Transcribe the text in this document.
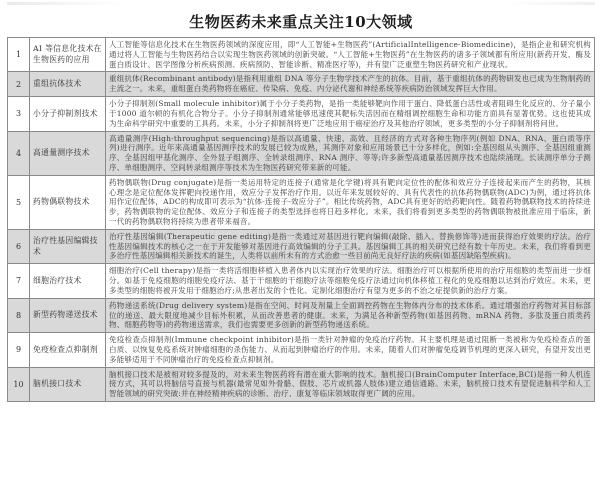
生物医药未来重点关注10大领域
1	AI 等信息化技术在生物医药的应用	人工智能等信息化技术在生物医药领域的深度应用，即“人工智能+生物医药”(ArtificialIntelligence-Biomedicine)，是指企业和研究机构通过将人工智能与生物医药结合以实现生物医药领域的创新突破。“人工智能+生物医药”在生物医药的诸多子领域都有所应用(新药开发、酶及蛋白质设计、医学图像分析疾病预测、疾病预防、智能诊断、精准医疗等)，并有望广泛重塑生物医药研究和产业现状。
2	重组抗体技术	重组抗体(Recombinant antibody)是指利用重组 DNA 等分子生物学技术产生的抗体。目前，基于重组抗体的药物研发也已成为生物制药的主流之一。未来，重组蛋白类药物将在癌症、传染病、免疫、内分泌代谢和神经系统等疾病防治领域发挥巨大作用。
3	小分子抑制剂技术	小分子抑制剂(Small molecule inhibitor)属于小分子类药物，是指一类能够靶向作用于蛋白、降低蛋白活性或者阻碍生化反应的、分子量小于1000 道尔顿的有机化合物分子。小分子抑制剂通常能够迅速使其靶标失活因而在精细调控细胞生命和功能方面具有显著优势。这也使其成为生命科学研究中重要的工具药。未来，小分子抑制剂将更广泛地应用于癌症治疗及其他治疗领域，更多类型的小分子抑制剂将问世。
4	高通量测序技术	高通量测序(High-throughput sequencing)是指以高通量、快速、高效、且经济的方式对各种生物序列(例如 DNA、RNA、蛋白质等序列)进行测序。近年来高通量基因测序技术的发展已较为成熟，其测序对象和应用场景已十分多样化，例如:全基因组从头测序、全基因组重测序、全基因组甲基化测序、全外显子组测序、全转录组测序、RNA 测序、等等;许多新型高通量基因测序技术也陆续涌现。长读测序单分子测序、单细胞测序、空间转录组测序等技术为生物医药研究带来新的可能。
5	药物偶联物技术	药物偶联物(Drug conjugate)是指一类运用特定的连接子(通常是化学键)将具有靶向定位性的配体和效应分子连接起来而产生的药物，其核心理念是定位配体发挥靶向投递作用，效应分子发挥治疗作用。以近年来发展较好的、具有代表性的抗体药物偶联物(ADC)为例，通过将抗体用作定位配体，ADC的构成即可表示为“抗体-连接子-效应分子”。相比传统药物，ADC具有更好的给药靶向性。随着药物偶联物技术的持续进步，药物偶联物的定位配体、效应分子和连接子的类型选择也将日趋多样化。未来，我们将看到更多类型的药物偶联物被批准应用于临床，新一代的药物偶联物将持续为患者带来福音。
6	治疗性基因编辑技术	治疗性基因编辑(Therapeutic gene editing)是指一类通过对基因进行靶向编辑(敲除、插入、替换修饰等)进而获得治疗效果的疗法。治疗性基因编辑技术的核心之一在于开发能够对基因进行高效编辑的分子工具。基因编辑工具的相关研究已经有数十年历史。未来，我们将看到更多治疗性基因编辑相关新技术的诞生，人类将以前所未有的方式治愈一些目前尚无良好疗法的疾病(如基因缺陷型疾病)。
7	细胞治疗技术	细胞治疗(Cell therapy)是指一类将活细胞移植入患者体内以实现治疗效果的疗法。细胞治疗可以根据所使用的治疗用细胞的类型而进一步细分。如基于免疫细胞的细胞免疫疗法、基于干细胞的干细胞疗法等细胞免疫疗法通过向机体移植工程化的免疫细胞以达到治疗效应。未来，更多类型的细胞将被开发用于细胞治疗;从患者出发的个性化、定制化细胞治疗有望为更多的不治之症提供新的治疗方案。
8	新型药物递送技术	药物递送系统(Drug delivery system)是指在空间、时间及剂量上全面调控药物在生物体内分布的技术体系。通过增强治疗药物对其目标部位的递送、最大限度地减少目标外积累，从而改善患者的健康。未来，为满足各种新型药物(如基因药物、mRNA 药物、多肽及蛋白质类药物、细胞药物等)的药物递送需求，我们也需要更多创新的新型药物递送系统。
9	免疫检查点抑制剂	免疫检查点抑制剂(Immune checkpoint inhibitor)是指一类针对肿瘤的免疫治疗药物。其主要机理是通过阻断一类被称为免疫检查点的蛋白质、以恢复免疫系统对肿瘤细胞的杀伤能力、从而起到肿瘤治疗的作用。未来，随着人们对肿瘤免疫调节机理的更深入研究，有望开发出更多能够适用于不同肿瘤治疗的免疫检查点抑制剂。
10	脑机接口技术	脑机接口技术是被相对较多提及的，对未来生物医药将有潜在重大影响的技术。脑机接口(BrainComputer Interface,BCI)是指一种人机连接方式，其可以将脑信号直接与机器(最常见如外骨骼、假肢、芯片或机器人肢体)建立通信通路。未来，脑机接口技术有望促进脑科学和人工智能领域的研究突破:并在神经精神疾病的诊断、治疗、康复等临床领域取得更广阔的应用。
